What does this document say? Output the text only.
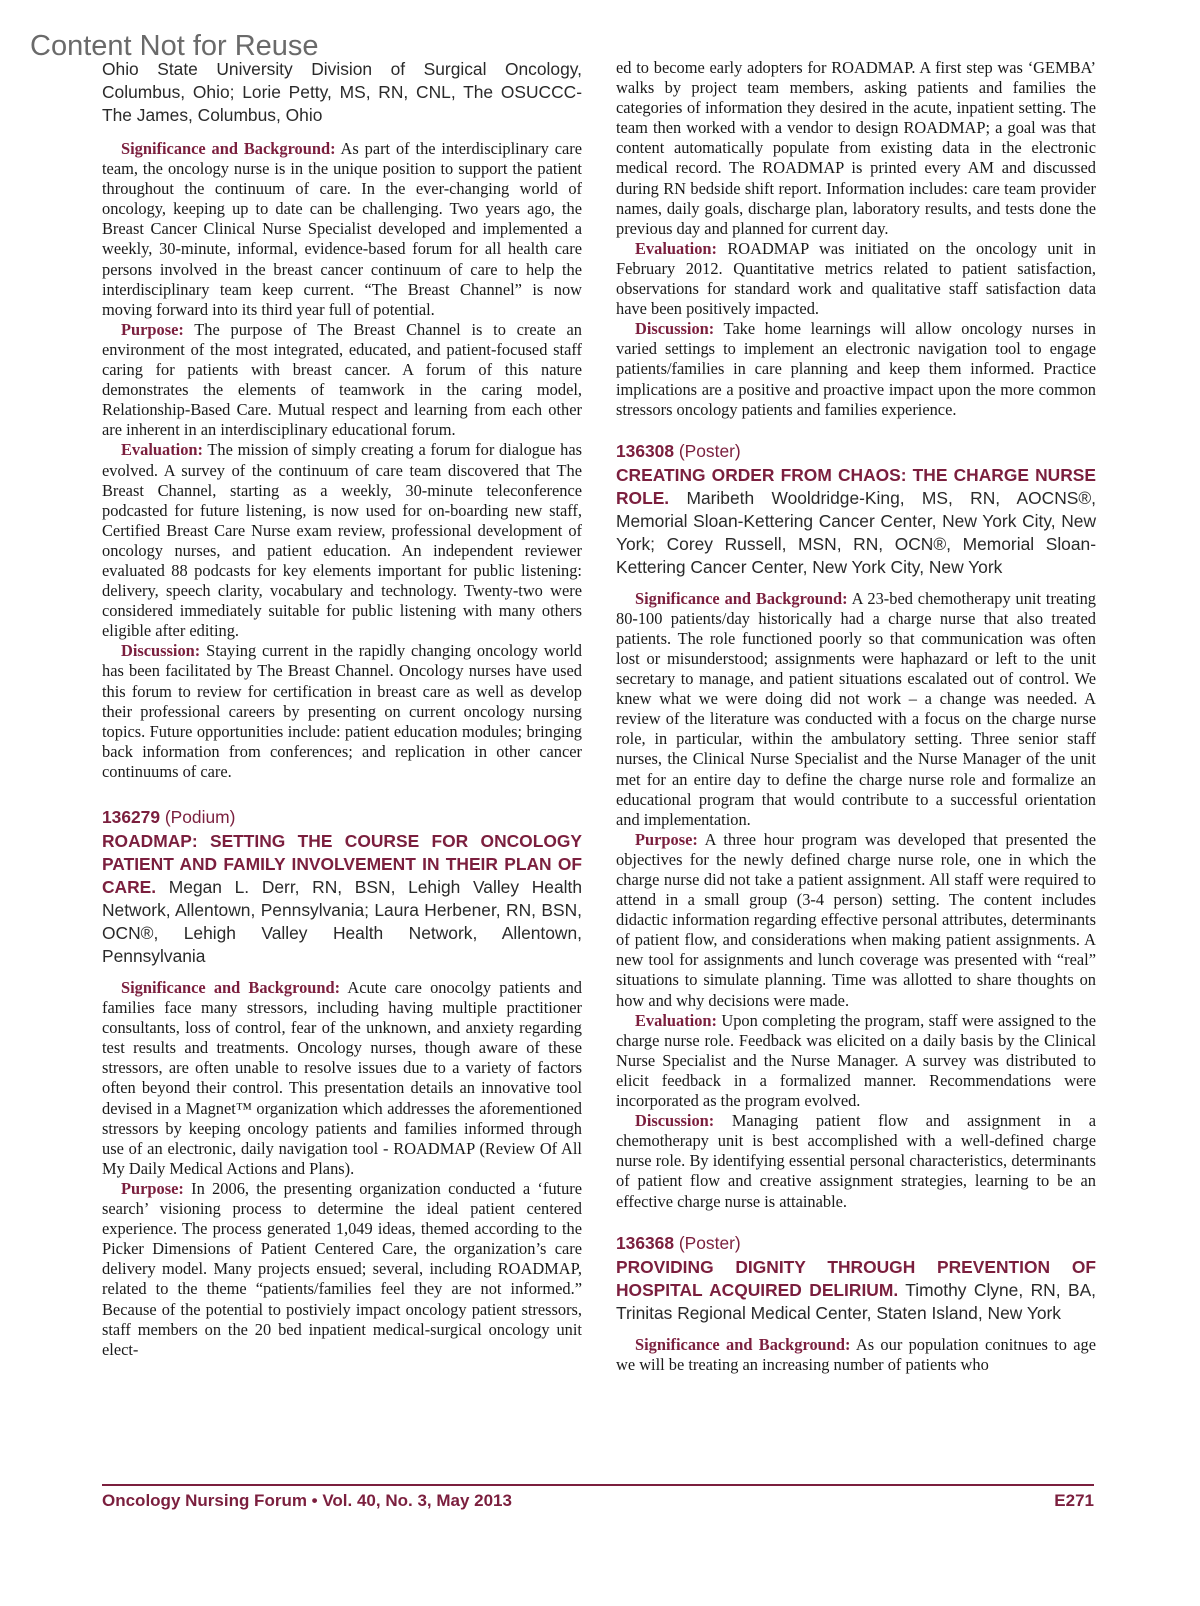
Content Not for Reuse

Ohio State University Division of Surgical Oncology, Columbus, Ohio; Lorie Petty, MS, RN, CNL, The OSUCCC-The James, Columbus, Ohio

Significance and Background: As part of the interdisciplinary care team, the oncology nurse is in the unique position to support the patient throughout the continuum of care. In the ever-changing world of oncology, keeping up to date can be challenging. Two years ago, the Breast Cancer Clinical Nurse Specialist developed and implemented a weekly, 30-minute, informal, evidence-based forum for all health care persons involved in the breast cancer continuum of care to help the interdisciplinary team keep current. “The Breast Channel” is now moving forward into its third year full of potential.

Purpose: The purpose of The Breast Channel is to create an environment of the most integrated, educated, and patient-focused staff caring for patients with breast cancer. A forum of this nature demonstrates the elements of teamwork in the caring model, Relationship-Based Care. Mutual respect and learning from each other are inherent in an interdisciplinary educational forum.

Evaluation: The mission of simply creating a forum for dialogue has evolved. A survey of the continuum of care team discovered that The Breast Channel, starting as a weekly, 30-minute teleconference podcasted for future listening, is now used for on-boarding new staff, Certified Breast Care Nurse exam review, professional development of oncology nurses, and patient education. An independent reviewer evaluated 88 podcasts for key elements important for public listening: delivery, speech clarity, vocabulary and technology. Twenty-two were considered immediately suitable for public listening with many others eligible after editing.

Discussion: Staying current in the rapidly changing oncology world has been facilitated by The Breast Channel. Oncology nurses have used this forum to review for certification in breast care as well as develop their professional careers by presenting on current oncology nursing topics. Future opportunities include: patient education modules; bringing back information from conferences; and replication in other cancer continuums of care.

136279 (Podium)

ROADMAP: SETTING THE COURSE FOR ONCOLOGY PATIENT AND FAMILY INVOLVEMENT IN THEIR PLAN OF CARE. Megan L. Derr, RN, BSN, Lehigh Valley Health Network, Allentown, Pennsylvania; Laura Herbener, RN, BSN, OCN®, Lehigh Valley Health Network, Allentown, Pennsylvania

Significance and Background: Acute care onocolgy patients and families face many stressors, including having multiple practitioner consultants, loss of control, fear of the unknown, and anxiety regarding test results and treatments. Oncology nurses, though aware of these stressors, are often unable to resolve issues due to a variety of factors often beyond their control. This presentation details an innovative tool devised in a Magnet™ organization which addresses the aforementioned stressors by keeping oncology patients and families informed through use of an electronic, daily navigation tool - ROADMAP (Review Of All My Daily Medical Actions and Plans).

Purpose: In 2006, the presenting organization conducted a ‘future search’ visioning process to determine the ideal patient centered experience. The process generated 1,049 ideas, themed according to the Picker Dimensions of Patient Centered Care, the organization’s care delivery model. Many projects ensued; several, including ROADMAP, related to the theme “patients/families feel they are not informed.” Because of the potential to postiviely impact oncology patient stressors, staff members on the 20 bed inpatient medical-surgical oncology unit elect-

ed to become early adopters for ROADMAP. A first step was ‘GEMBA’ walks by project team members, asking patients and families the categories of information they desired in the acute, inpatient setting. The team then worked with a vendor to design ROADMAP; a goal was that content automatically populate from existing data in the electronic medical record. The ROADMAP is printed every AM and discussed during RN bedside shift report. Information includes: care team provider names, daily goals, discharge plan, laboratory results, and tests done the previous day and planned for current day.

Evaluation: ROADMAP was initiated on the oncology unit in February 2012. Quantitative metrics related to patient satisfaction, observations for standard work and qualitative staff satisfaction data have been positively impacted.

Discussion: Take home learnings will allow oncology nurses in varied settings to implement an electronic navigation tool to engage patients/families in care planning and keep them informed. Practice implications are a positive and proactive impact upon the more common stressors oncology patients and families experience.

136308 (Poster)

CREATING ORDER FROM CHAOS: THE CHARGE NURSE ROLE. Maribeth Wooldridge-King, MS, RN, AOCNS®, Memorial Sloan-Kettering Cancer Center, New York City, New York; Corey Russell, MSN, RN, OCN®, Memorial Sloan-Kettering Cancer Center, New York City, New York

Significance and Background: A 23-bed chemotherapy unit treating 80-100 patients/day historically had a charge nurse that also treated patients. The role functioned poorly so that communication was often lost or misunderstood; assignments were haphazard or left to the unit secretary to manage, and patient situations escalated out of control. We knew what we were doing did not work – a change was needed. A review of the literature was conducted with a focus on the charge nurse role, in particular, within the ambulatory setting. Three senior staff nurses, the Clinical Nurse Specialist and the Nurse Manager of the unit met for an entire day to define the charge nurse role and formalize an educational program that would contribute to a successful orientation and implementation.

Purpose: A three hour program was developed that presented the objectives for the newly defined charge nurse role, one in which the charge nurse did not take a patient assignment. All staff were required to attend in a small group (3-4 person) setting. The content includes didactic information regarding effective personal attributes, determinants of patient flow, and considerations when making patient assignments. A new tool for assignments and lunch coverage was presented with “real” situations to simulate planning. Time was allotted to share thoughts on how and why decisions were made.

Evaluation: Upon completing the program, staff were assigned to the charge nurse role. Feedback was elicited on a daily basis by the Clinical Nurse Specialist and the Nurse Manager. A survey was distributed to elicit feedback in a formalized manner. Recommendations were incorporated as the program evolved.

Discussion: Managing patient flow and assignment in a chemotherapy unit is best accomplished with a well-defined charge nurse role. By identifying essential personal characteristics, determinants of patient flow and creative assignment strategies, learning to be an effective charge nurse is attainable.

136368 (Poster)

PROVIDING DIGNITY THROUGH PREVENTION OF HOSPITAL ACQUIRED DELIRIUM. Timothy Clyne, RN, BA, Trinitas Regional Medical Center, Staten Island, New York

Significance and Background: As our population conitnues to age we will be treating an increasing number of patients who

Oncology Nursing Forum • Vol. 40, No. 3, May 2013	E271
